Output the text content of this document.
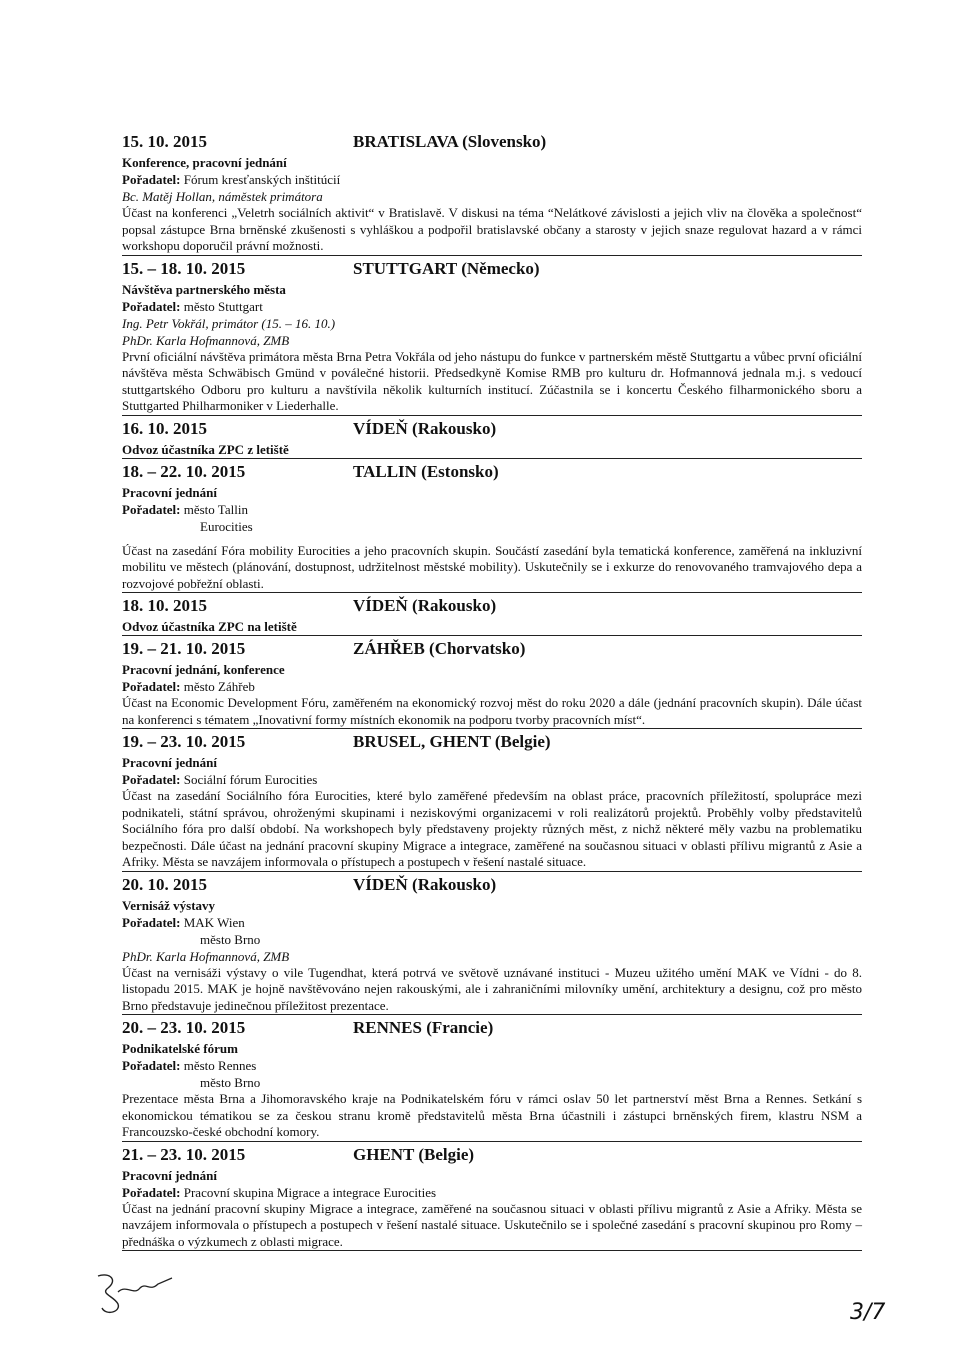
15. 10. 2015	BRATISLAVA (Slovensko)
Konference, pracovní jednání
Pořadatel: Fórum kresťanských inštitúcií
Bc. Matěj Hollan, náměstek primátora
Účast na konferenci „Veletrh sociálních aktivit“ v Bratislavě. V diskusi na téma “Nelátkové závislosti a jejich vliv na člověka a společnost“ popsal zástupce Brna brněnské zkušenosti s vyhláškou a podpořil bratislavské občany a starosty v jejich snaze regulovat hazard a v rámci workshopu doporučil právní možnosti.
15. – 18. 10. 2015	STUTTGART (Německo)
Návštěva partnerského města
Pořadatel: město Stuttgart
Ing. Petr Vokřál, primátor (15. – 16. 10.)
PhDr. Karla Hofmannová, ZMB
První oficiální návštěva primátora města Brna Petra Vokřála od jeho nástupu do funkce v partnerském městě Stuttgartu a vůbec první oficiální návštěva města Schwäbisch Gmünd v poválečné historii. Předsedkyně Komise RMB pro kulturu dr. Hofmannová jednala m.j. s vedoucí stuttgartského Odboru pro kulturu a navštívila několik kulturních institucí. Zúčastnila se i koncertu Českého filharmonického sboru a Stuttgarted Philharmoniker v Liederhalle.
16. 10. 2015	VÍDEŇ (Rakousko)
Odvoz účastníka ZPC z letiště
18. – 22. 10. 2015	TALLIN (Estonsko)
Pracovní jednání
Pořadatel: město Tallin
Eurocities
Účast na zasedání Fóra mobility Eurocities a jeho pracovních skupin. Součástí zasedání byla tematická konference, zaměřená na inkluzivní mobilitu ve městech (plánování, dostupnost, udržitelnost městské mobility). Uskutečnily se i exkurze do renovovaného tramvajového depa a rozvojové pobřežní oblasti.
18. 10. 2015	VÍDEŇ (Rakousko)
Odvoz účastníka ZPC na letiště
19. – 21. 10. 2015	ZÁHŘEB (Chorvatsko)
Pracovní jednání, konference
Pořadatel: město Záhřeb
Účast na Economic Development Fóru, zaměřeném na ekonomický rozvoj měst do roku 2020 a dále (jednání pracovních skupin). Dále účast na konferenci s tématem „Inovativní formy místních ekonomik na podporu tvorby pracovních míst“.
19. – 23. 10. 2015	BRUSEL, GHENT (Belgie)
Pracovní jednání
Pořadatel: Sociální fórum Eurocities
Účast na zasedání Sociálního fóra Eurocities, které bylo zaměřené především na oblast práce, pracovních příležitostí, spolupráce mezi podnikateli, státní správou, ohroženými skupinami i neziskovými organizacemi v roli realizátorů projektů. Proběhly volby představitelů Sociálního fóra pro další období. Na workshopech byly představeny projekty různých měst, z nichž některé měly vazbu na problematiku bezpečnosti. Dále účast na jednání pracovní skupiny Migrace a integrace, zaměřené na současnou situaci v oblasti přílivu migrantů z Asie a Afriky. Města se navzájem informovala o přístupech a postupech v řešení nastalé situace.
20. 10. 2015	VÍDEŇ (Rakousko)
Vernisáž výstavy
Pořadatel: MAK Wien
město Brno
PhDr. Karla Hofmannová, ZMB
Účast na vernisáži výstavy o vile Tugendhat, která potrvá ve světově uznávané instituci - Muzeu užitého umění MAK ve Vídni - do 8. listopadu 2015. MAK je hojně navštěvováno nejen rakouskými, ale i zahraničními milovníky umění, architektury a designu, což pro město Brno představuje jedinečnou příležitost prezentace.
20. – 23. 10. 2015	RENNES (Francie)
Podnikatelské fórum
Pořadatel: město Rennes
město Brno
Prezentace města Brna a Jihomoravského kraje na Podnikatelském fóru v rámci oslav 50 let partnerství měst Brna a Rennes. Setkání s ekonomickou tématikou se za českou stranu kromě představitelů města Brna účastnili i zástupci brněnských firem, klastru NSM a Francouzsko-české obchodní komory.
21. – 23. 10. 2015	GHENT (Belgie)
Pracovní jednání
Pořadatel: Pracovní skupina Migrace a integrace Eurocities
Účast na jednání pracovní skupiny Migrace a integrace, zaměřené na současnou situaci v oblasti přílivu migrantů z Asie a Afriky. Města se navzájem informovala o přístupech a postupech v řešení nastalé situace. Uskutečnilo se i společné zasedání s pracovní skupinou pro Romy – přednáška o výzkumech z oblasti migrace.
3/7
